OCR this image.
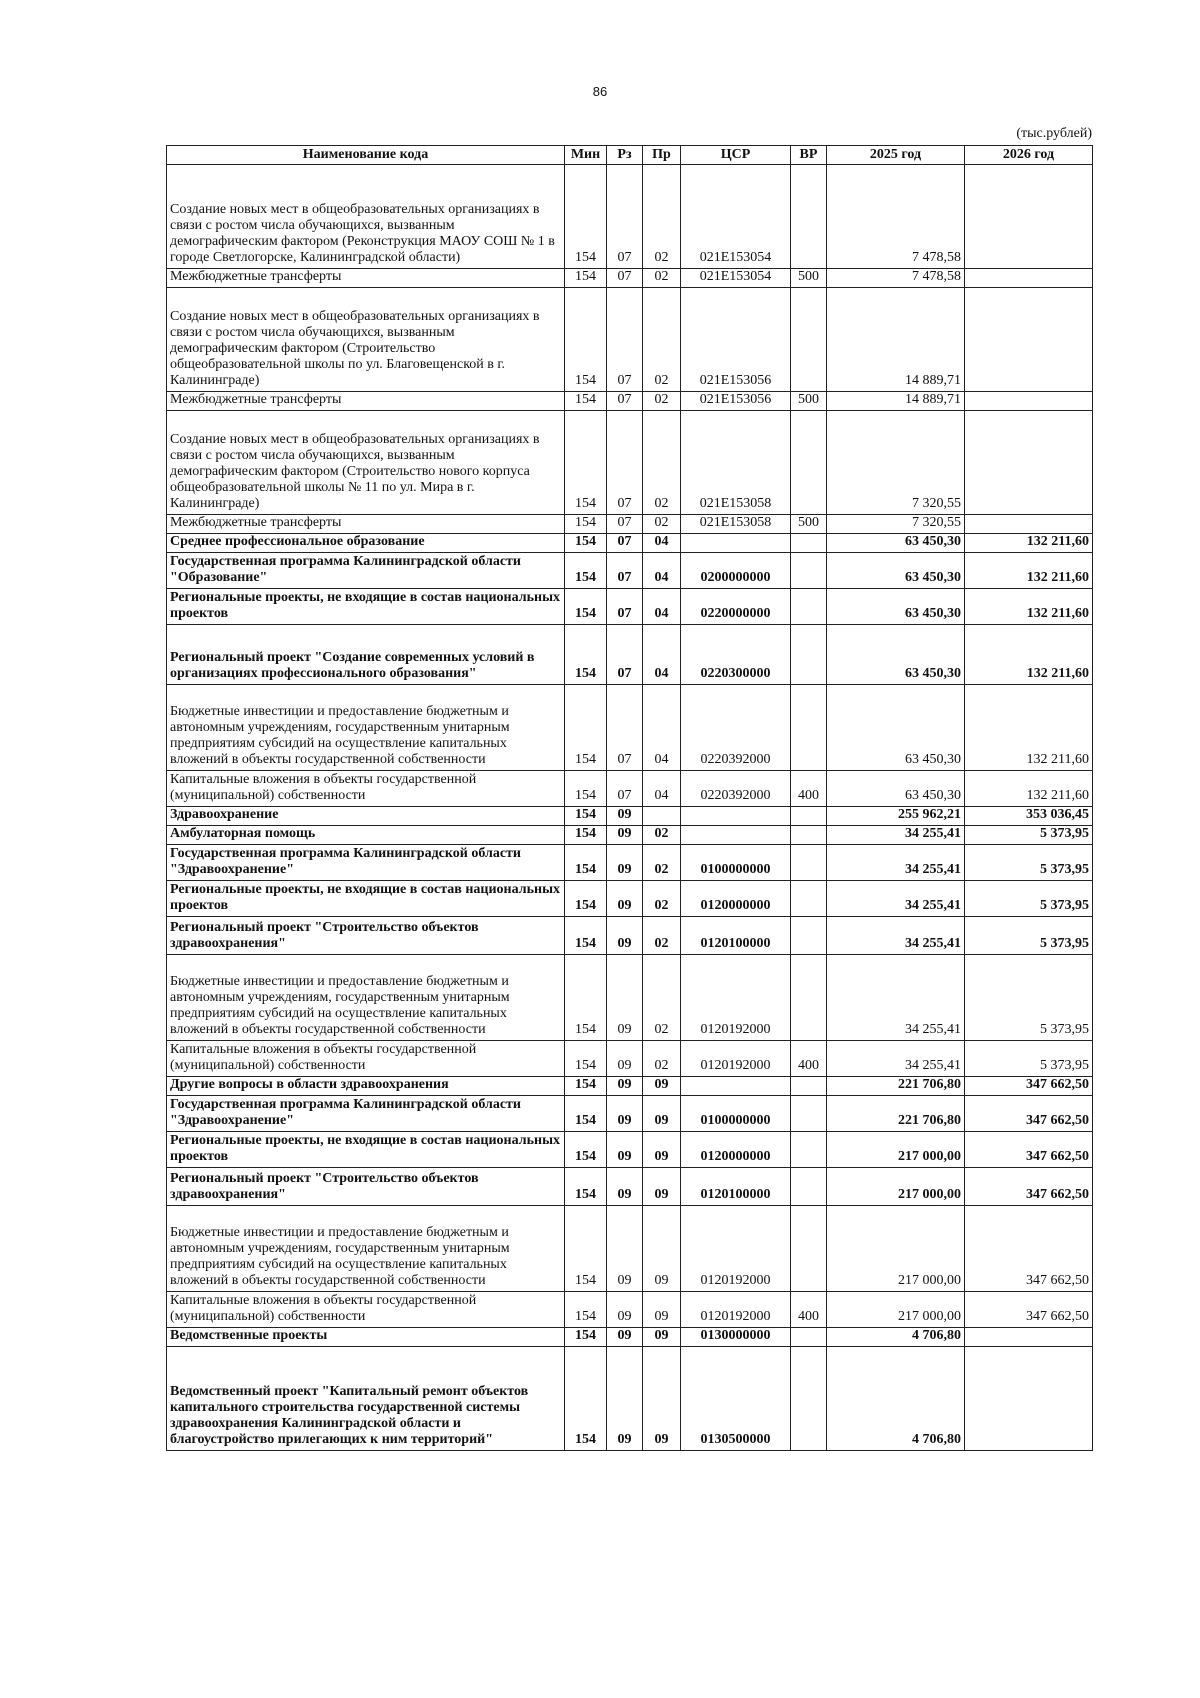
86
(тыс.рублей)
Наименование кода	Мин	Рз	Пр	ЦСР	ВР	2025 год	2026 год
Создание новых мест в общеобразовательных организациях в связи с ростом числа обучающихся, вызванным демографическим фактором (Реконструкция МАОУ СОШ № 1 в городе Светлогорске, Калининградской области)	154	07	02	021Е153054		7 478,58	
Межбюджетные трансферты	154	07	02	021Е153054	500	7 478,58	
Создание новых мест в общеобразовательных организациях в связи с ростом числа обучающихся, вызванным демографическим фактором (Строительство общеобразовательной школы по ул. Благовещенской в г. Калининграде)	154	07	02	021Е153056		14 889,71	
Межбюджетные трансферты	154	07	02	021Е153056	500	14 889,71	
Создание новых мест в общеобразовательных организациях в связи с ростом числа обучающихся, вызванным демографическим фактором (Строительство нового корпуса общеобразовательной школы № 11 по ул. Мира в г. Калининграде)	154	07	02	021Е153058		7 320,55	
Межбюджетные трансферты	154	07	02	021Е153058	500	7 320,55	
Среднее профессиональное образование	154	07	04			63 450,30	132 211,60
Государственная программа Калининградской области "Образование"	154	07	04	0200000000		63 450,30	132 211,60
Региональные проекты, не входящие в состав национальных проектов	154	07	04	0220000000		63 450,30	132 211,60
Региональный проект "Создание современных условий в организациях профессионального образования"	154	07	04	0220300000		63 450,30	132 211,60
Бюджетные инвестиции и предоставление бюджетным и автономным учреждениям, государственным унитарным предприятиям субсидий на осуществление капитальных вложений в объекты государственной собственности	154	07	04	0220392000		63 450,30	132 211,60
Капитальные вложения в объекты государственной (муниципальной) собственности	154	07	04	0220392000	400	63 450,30	132 211,60
Здравоохранение	154	09				255 962,21	353 036,45
Амбулаторная помощь	154	09	02			34 255,41	5 373,95
Государственная программа Калининградской области "Здравоохранение"	154	09	02	0100000000		34 255,41	5 373,95
Региональные проекты, не входящие в состав национальных проектов	154	09	02	0120000000		34 255,41	5 373,95
Региональный проект "Строительство объектов здравоохранения"	154	09	02	0120100000		34 255,41	5 373,95
Бюджетные инвестиции и предоставление бюджетным и автономным учреждениям, государственным унитарным предприятиям субсидий на осуществление капитальных вложений в объекты государственной собственности	154	09	02	0120192000		34 255,41	5 373,95
Капитальные вложения в объекты государственной (муниципальной) собственности	154	09	02	0120192000	400	34 255,41	5 373,95
Другие вопросы в области здравоохранения	154	09	09			221 706,80	347 662,50
Государственная программа Калининградской области "Здравоохранение"	154	09	09	0100000000		221 706,80	347 662,50
Региональные проекты, не входящие в состав национальных проектов	154	09	09	0120000000		217 000,00	347 662,50
Региональный проект "Строительство объектов здравоохранения"	154	09	09	0120100000		217 000,00	347 662,50
Бюджетные инвестиции и предоставление бюджетным и автономным учреждениям, государственным унитарным предприятиям субсидий на осуществление капитальных вложений в объекты государственной собственности	154	09	09	0120192000		217 000,00	347 662,50
Капитальные вложения в объекты государственной (муниципальной) собственности	154	09	09	0120192000	400	217 000,00	347 662,50
Ведомственные проекты	154	09	09	0130000000		4 706,80	
Ведомственный проект "Капитальный ремонт объектов капитального строительства государственной системы здравоохранения Калининградской области и благоустройство прилегающих к ним территорий"	154	09	09	0130500000		4 706,80	
